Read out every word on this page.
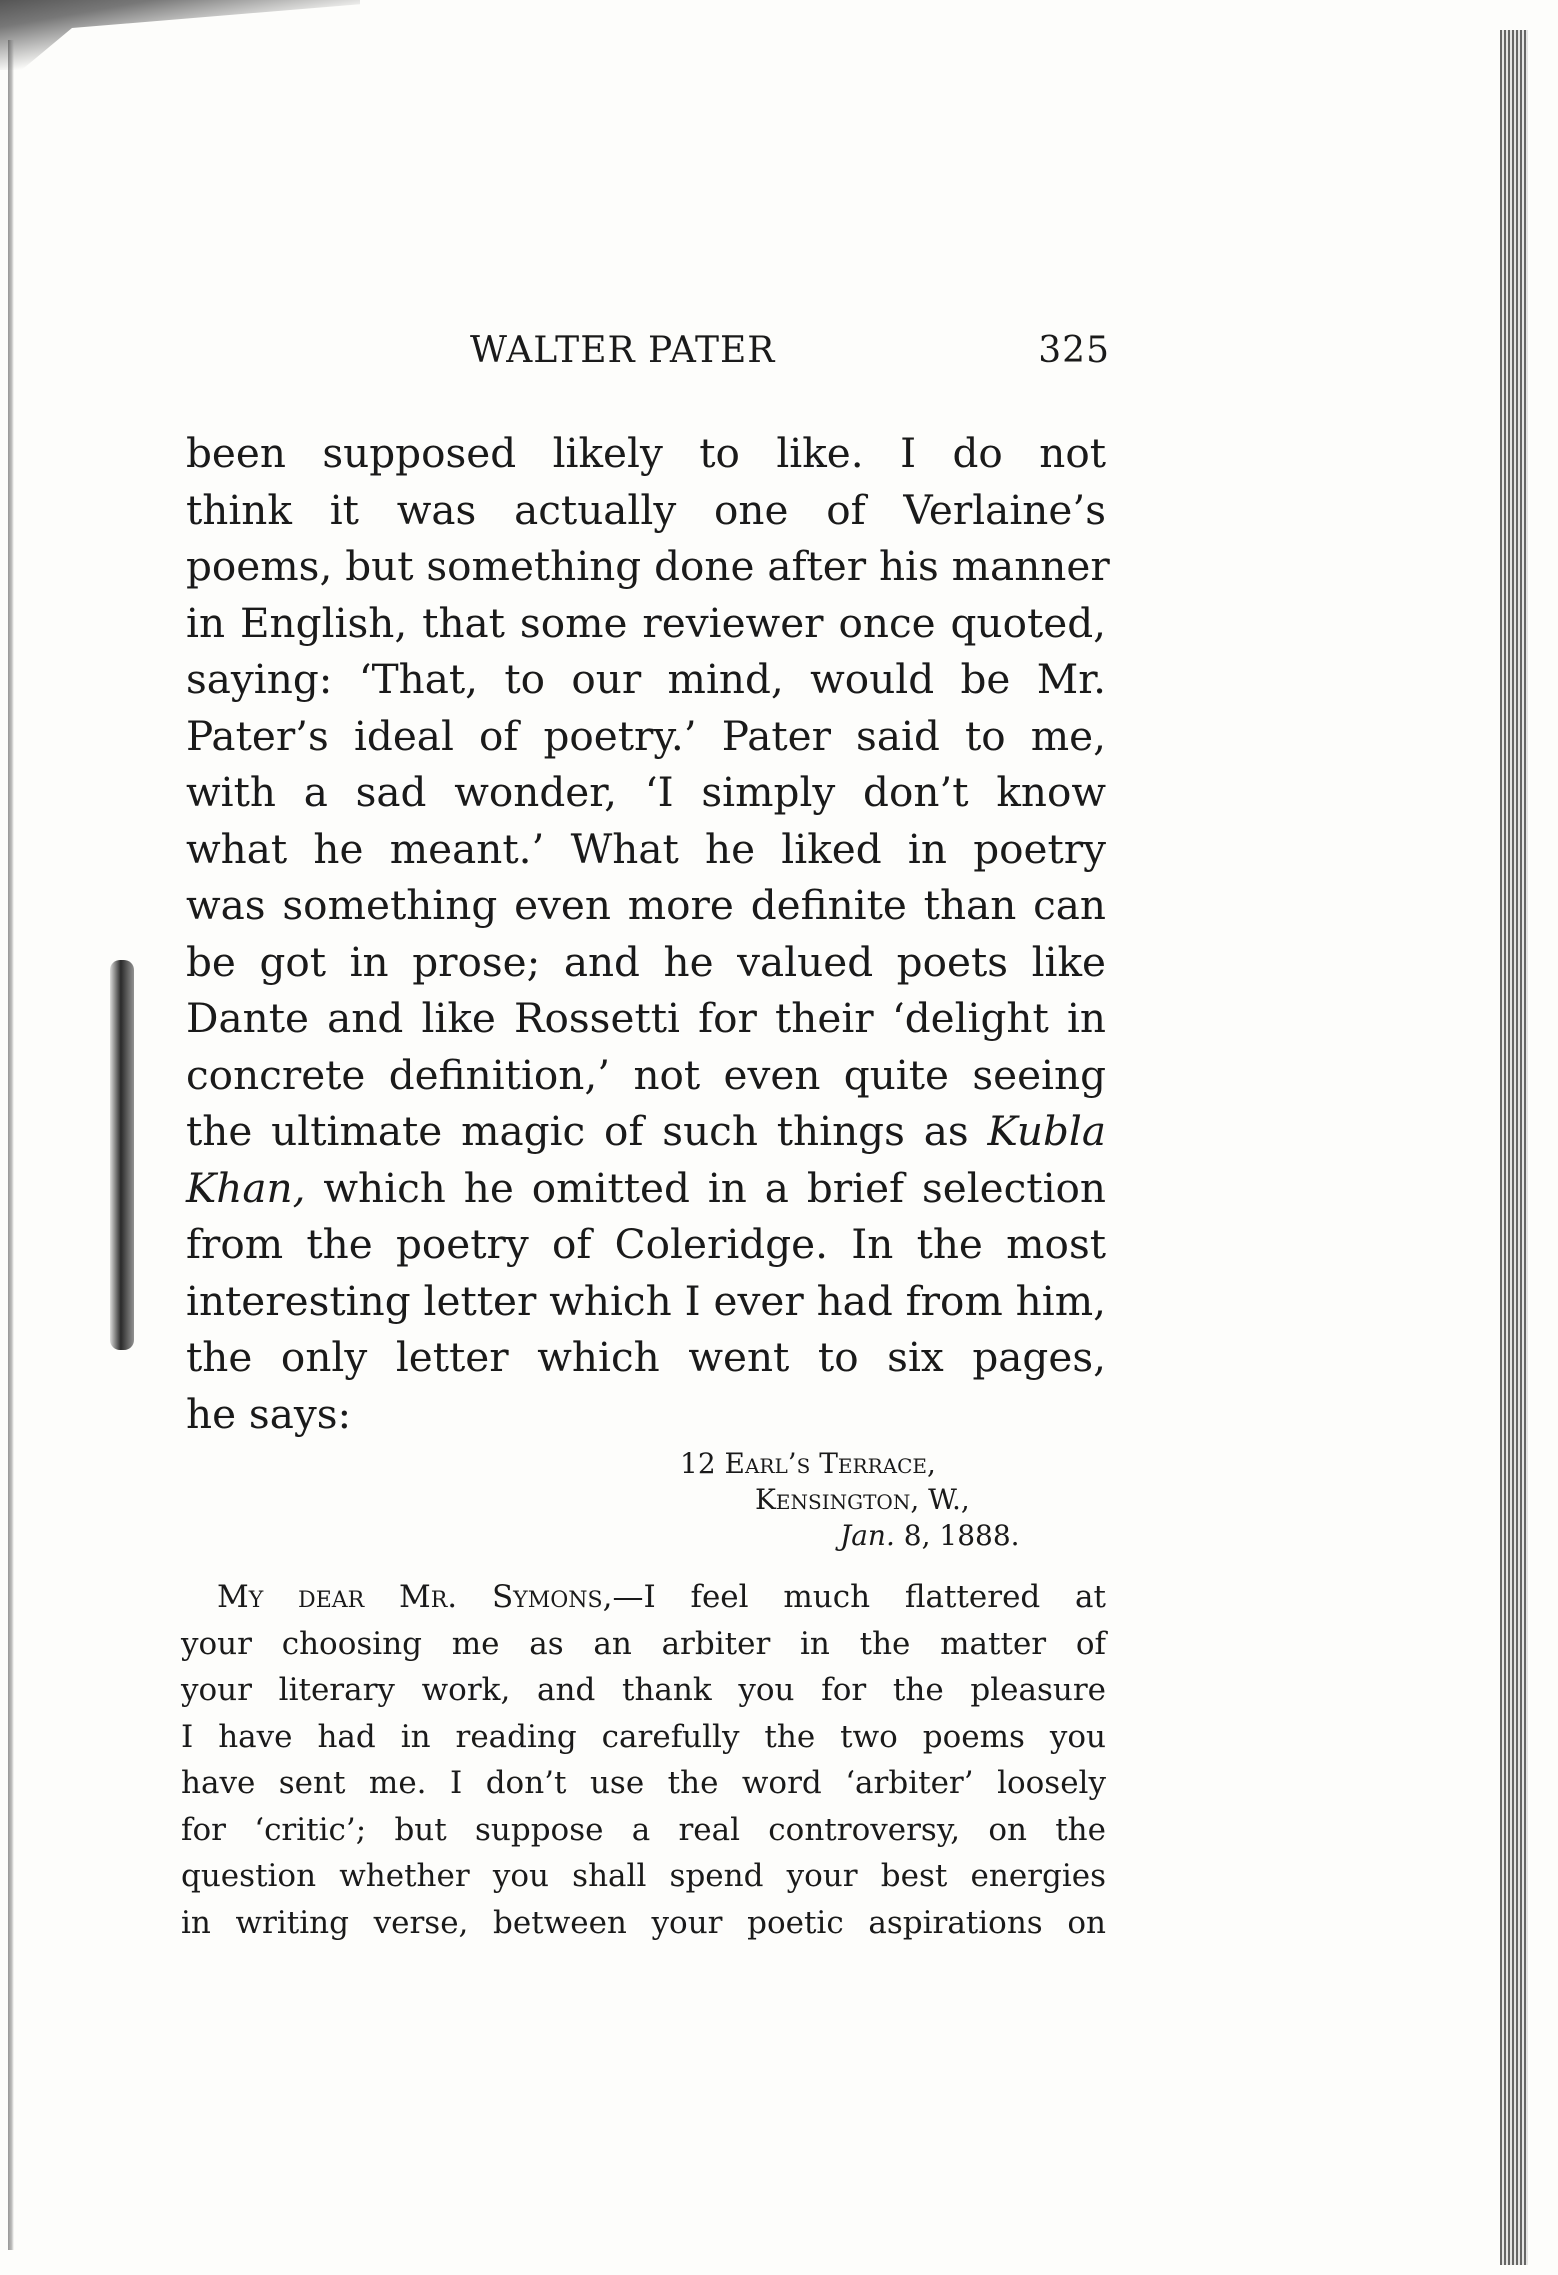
WALTER PATER	325
been supposed likely to like. I do not
think it was actually one of Verlaine’s
poems, but something done after his manner
in English, that some reviewer once quoted,
saying: ‘That, to our mind, would be Mr.
Pater’s ideal of poetry.’ Pater said to me,
with a sad wonder, ‘I simply don’t know
what he meant.’ What he liked in poetry
was something even more definite than can
be got in prose; and he valued poets like
Dante and like Rossetti for their ‘delight in
concrete definition,’ not even quite seeing
the ultimate magic of such things as Kubla
Khan, which he omitted in a brief selection
from the poetry of Coleridge. In the most
interesting letter which I ever had from him,
the only letter which went to six pages,
he says:
12 Earl’s Terrace,
Kensington, W.,
Jan. 8, 1888.
My dear Mr. Symons,—I feel much flattered at
your choosing me as an arbiter in the matter of
your literary work, and thank you for the pleasure
I have had in reading carefully the two poems you
have sent me. I don’t use the word ‘arbiter’ loosely
for ‘critic’; but suppose a real controversy, on the
question whether you shall spend your best energies
in writing verse, between your poetic aspirations on
